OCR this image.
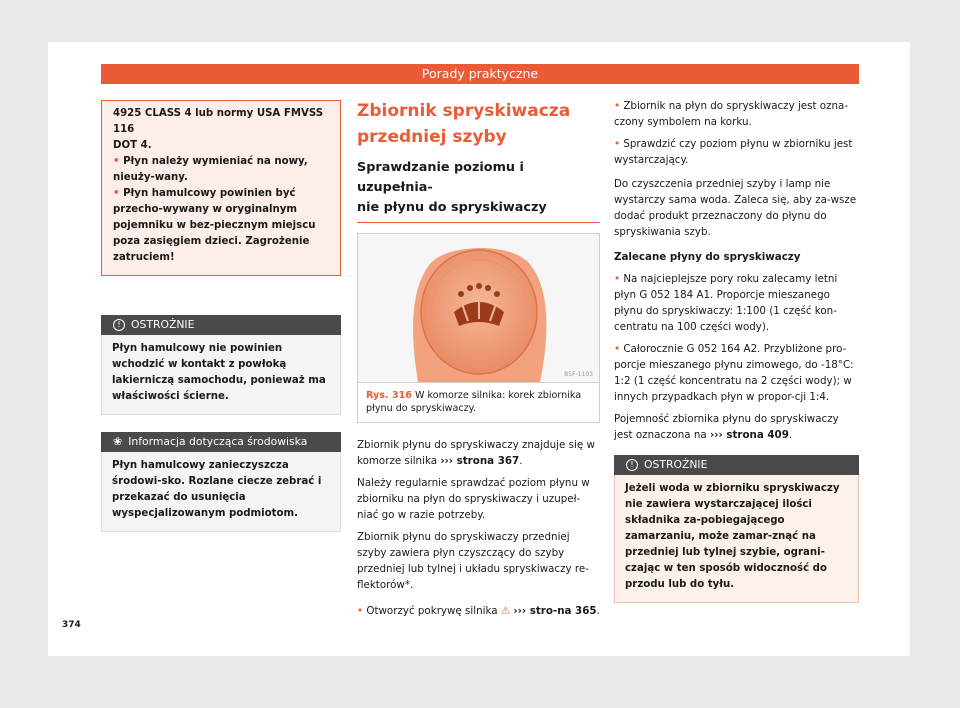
Porady praktyczne

4925 CLASS 4 lub normy USA FMVSS 116

DOT 4.

• Płyn należy wymieniać na nowy, nieuży-wany.

• Płyn hamulcowy powinien być przecho-wywany w oryginalnym pojemniku w bez-piecznym miejscu poza zasięgiem dzieci. Zagrożenie zatruciem!

! OSTROŻNIE
Płyn hamulcowy nie powinien wchodzić w kontakt z powłoką lakierniczą samochodu, ponieważ ma właściwości ścierne.
❀ Informacja dotycząca środowiska
Płyn hamulcowy zanieczyszcza środowi-sko. Rozlane ciecze zebrać i przekazać do usunięcia wyspecjalizowanym podmiotom.

Zbiornik spryskiwacza

przedniej szyby

Sprawdzanie poziomu i uzupełnia-

nie płynu do spryskiwaczy

B5F-1103
Rys. 316 W komorze silnika: korek zbiornika płynu do spryskiwaczy.

Zbiornik płynu do spryskiwaczy znajduje się w komorze silnika ››› strona 367.

Należy regularnie sprawdzać poziom płynu w zbiorniku na płyn do spryskiwaczy i uzupeł-niać go w razie potrzeby.

Zbiornik płynu do spryskiwaczy przedniej szyby zawiera płyn czyszczący do szyby przedniej lub tylnej i układu spryskiwaczy re-flektorów*.

• Otworzyć pokrywę silnika ⚠ ››› stro-na 365.

• Zbiornik na płyn do spryskiwaczy jest ozna-czony symbolem na korku.

• Sprawdzić czy poziom płynu w zbiorniku jest wystarczający.

Do czyszczenia przedniej szyby i lamp nie wystarczy sama woda. Zaleca się, aby za-wsze dodać produkt przeznaczony do płynu do spryskiwania szyb.

Zalecane płyny do spryskiwaczy

• Na najcieplejsze pory roku zalecamy letni płyn G 052 184 A1. Proporcje mieszanego płynu do spryskiwaczy: 1:100 (1 część kon-centratu na 100 części wody).

• Całorocznie G 052 164 A2. Przybliżone pro-porcje mieszanego płynu zimowego, do -18°C: 1:2 (1 część koncentratu na 2 części wody); w innych przypadkach płyn w propor-cji 1:4.

Pojemność zbiornika płynu do spryskiwaczy jest oznaczona na ››› strona 409.

! OSTROŻNIE
Jeżeli woda w zbiorniku spryskiwaczy nie zawiera wystarczającej ilości składnika za-pobiegającego zamarzaniu, może zamar-znąć na przedniej lub tylnej szybie, ograni-czając w ten sposób widoczność do przodu lub do tyłu.
374
